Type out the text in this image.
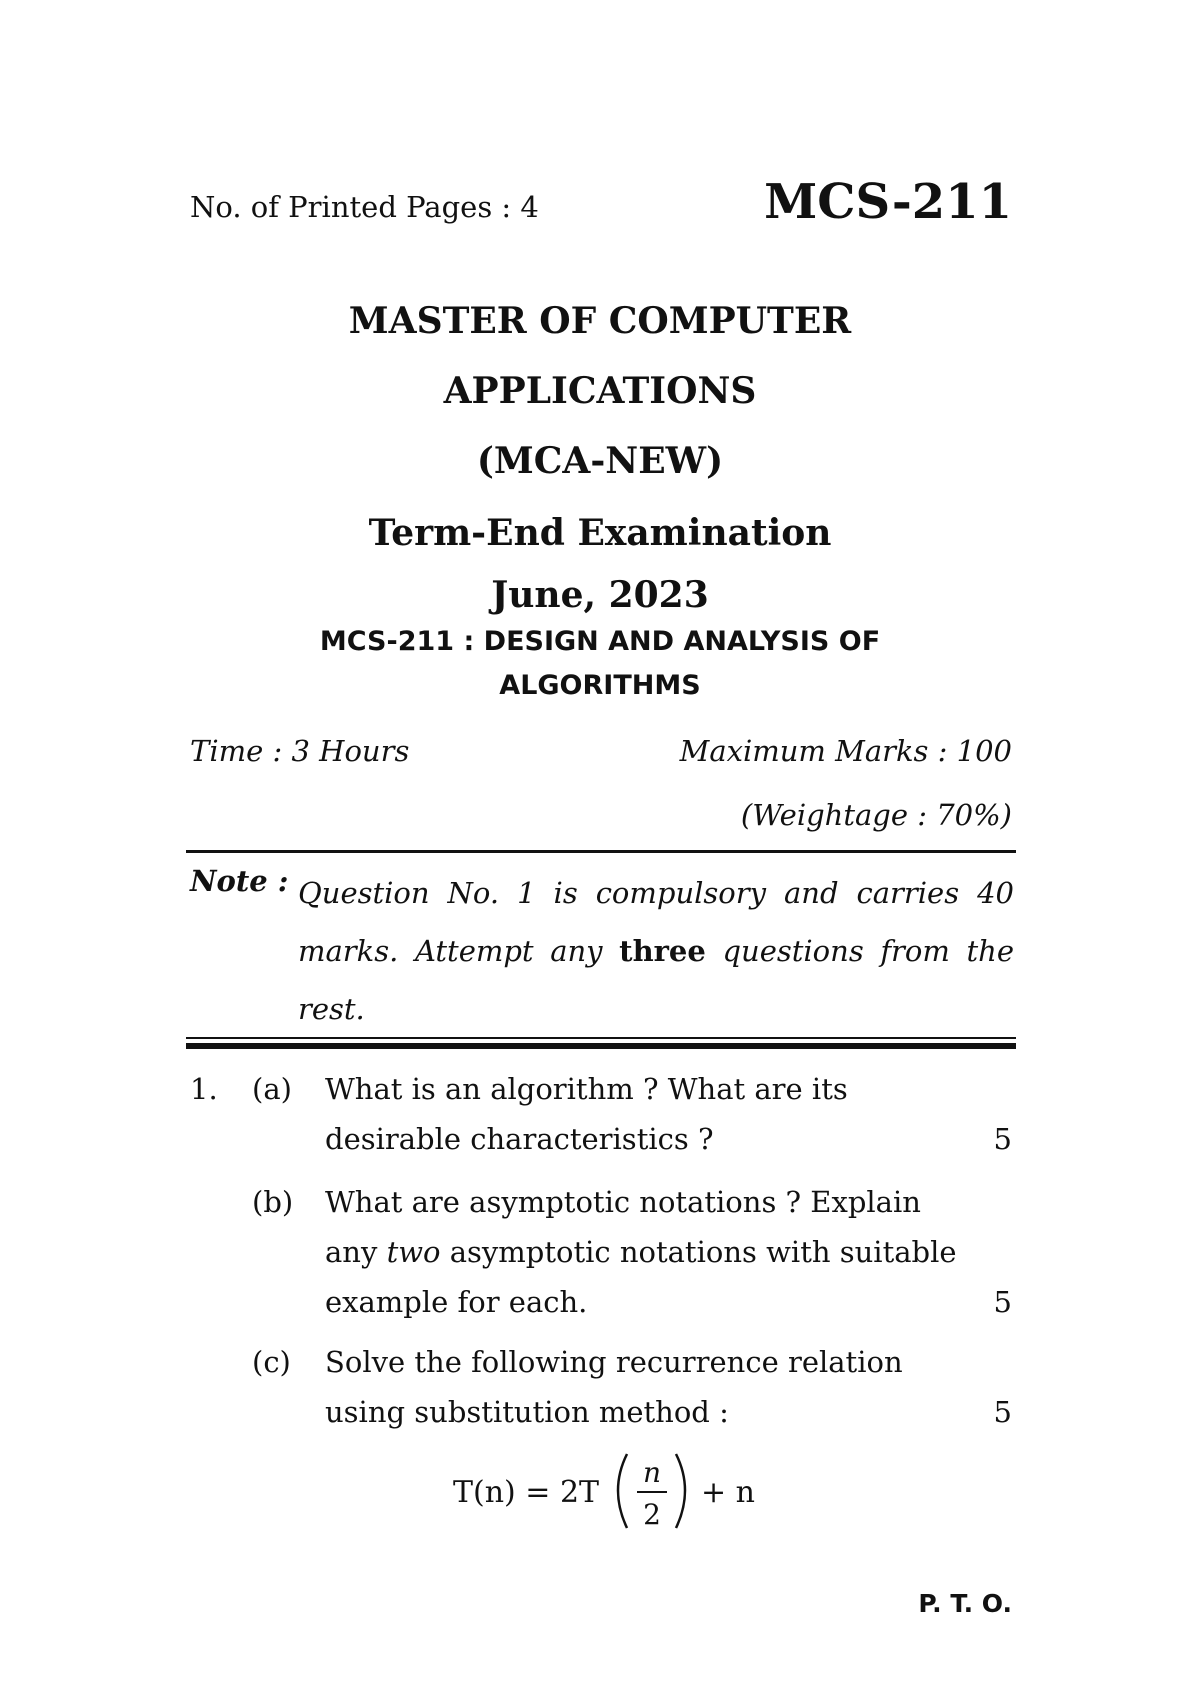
No. of Printed Pages : 4	MCS-211
MASTER OF COMPUTER
APPLICATIONS
(MCA-NEW)
Term-End Examination
June, 2023
MCS-211 : DESIGN AND ANALYSIS OF
ALGORITHMS
Time : 3 Hours	Maximum Marks : 100
(Weightage : 70%)
Note : Question No. 1 is compulsory and carries 40 marks. Attempt any three questions from the rest.
1. (a) What is an algorithm ? What are its
desirable characteristics ?	5
(b) What are asymptotic notations ? Explain
any two asymptotic notations with suitable
example for each.	5
(c) Solve the following recurrence relation
using substitution method :	5
T(n) = 2T
n
2
+ n
P. T. O.
